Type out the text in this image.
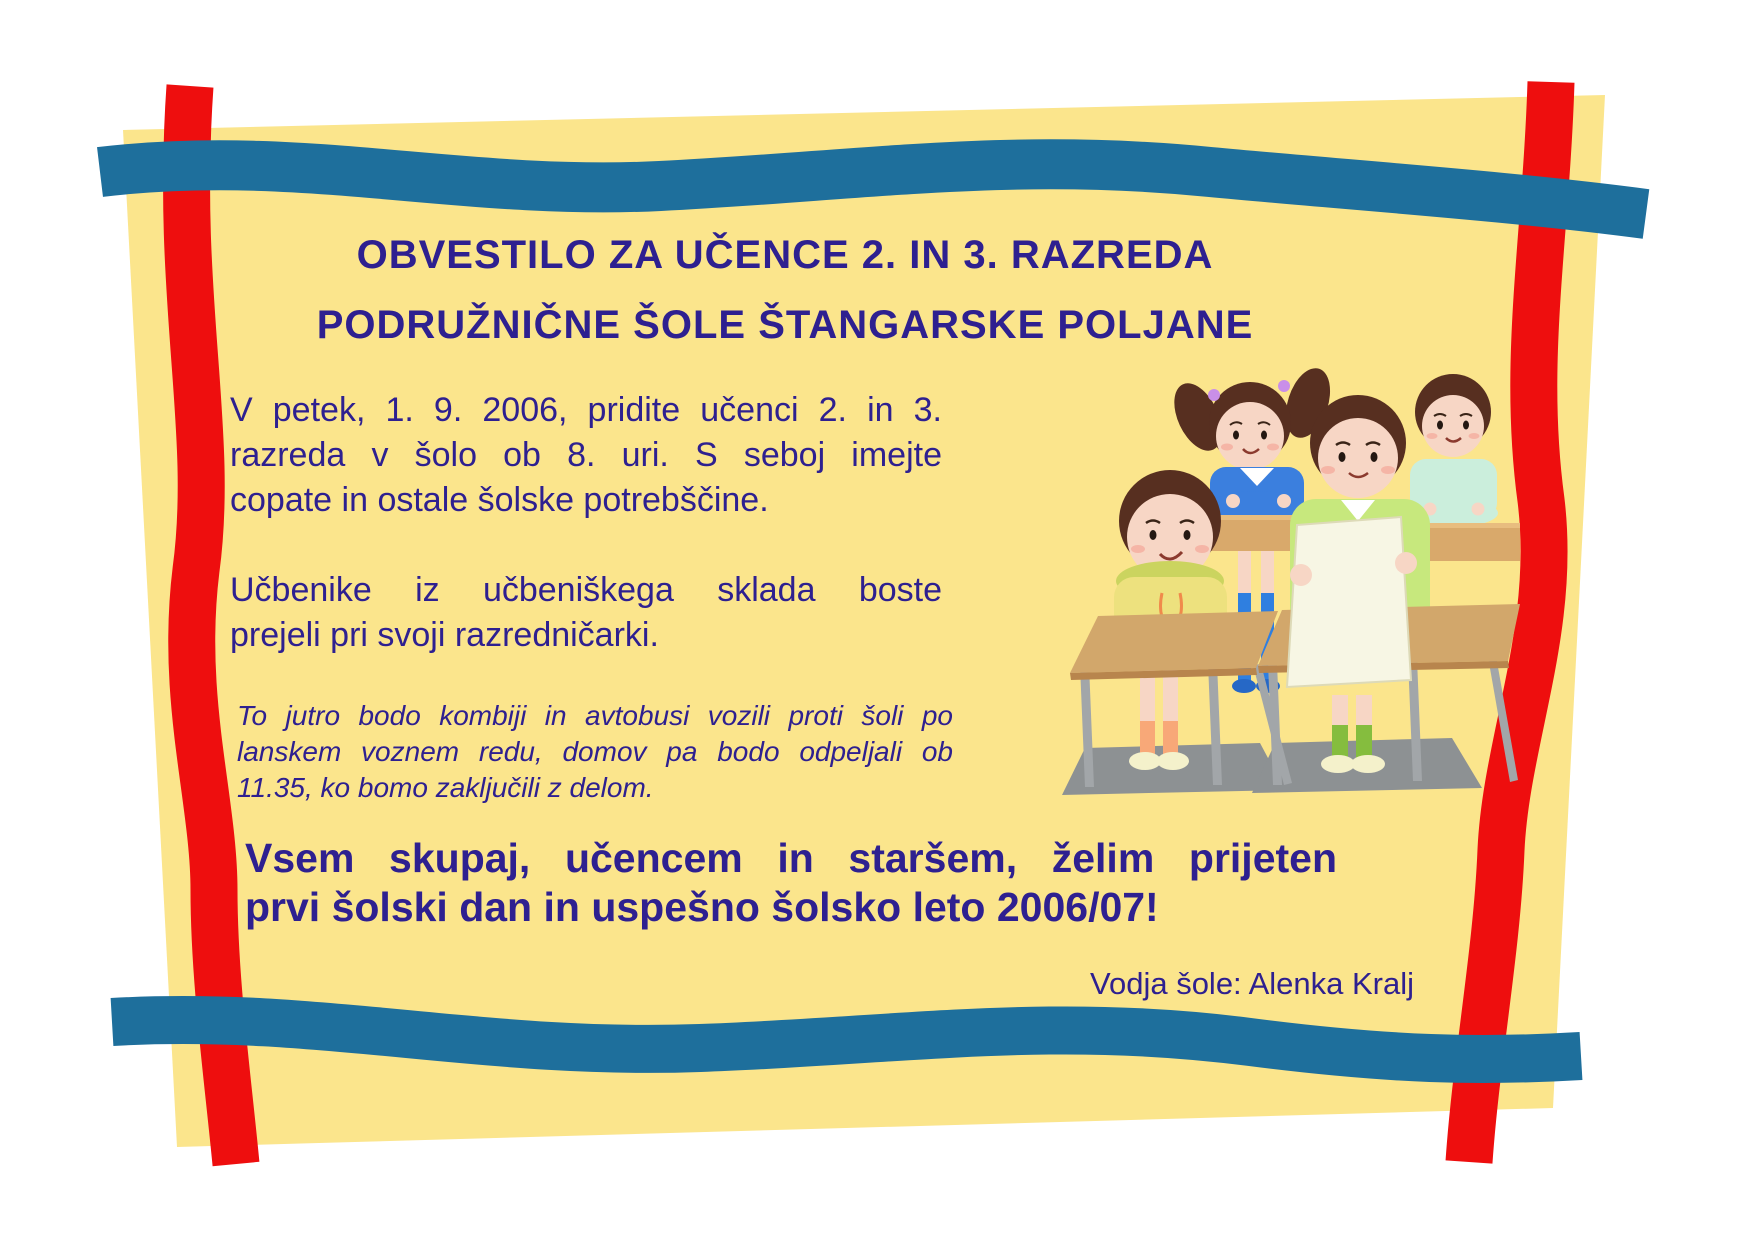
OBVESTILO ZA UČENCE 2. IN 3. RAZREDA
PODRUŽNIČNE ŠOLE ŠTANGARSKE POLJANE
V petek, 1. 9. 2006, pridite učenci 2. in 3.
razreda v šolo ob 8. uri. S seboj imejte
copate in ostale šolske potrebščine.
Učbenike iz učbeniškega sklada boste
prejeli pri svoji razredničarki.
To jutro bodo kombiji in avtobusi vozili proti šoli po
lanskem voznem redu, domov pa bodo odpeljali ob
11.35, ko bomo zaključili z delom.
Vsem skupaj, učencem in staršem, želim prijeten
prvi šolski dan in uspešno šolsko leto 2006/07!
Vodja šole: Alenka Kralj
